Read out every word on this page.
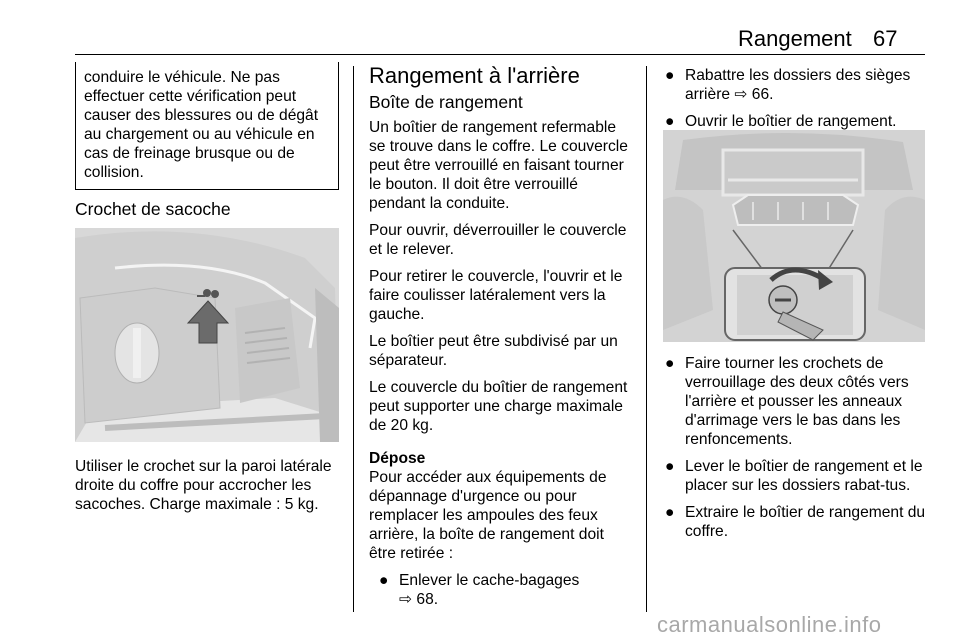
Rangement 67
conduire le véhicule. Ne pas effectuer cette vérification peut causer des blessures ou de dégât au chargement ou au véhicule en cas de freinage brusque ou de collision.
Crochet de sacoche

Utiliser le crochet sur la paroi latérale droite du coffre pour accrocher les sacoches. Charge maximale : 5 kg.

Rangement à l'arrière
Boîte de rangement

Un boîtier de rangement refermable se trouve dans le coffre. Le couvercle peut être verrouillé en faisant tourner le bouton. Il doit être verrouillé pendant la conduite.

Pour ouvrir, déverrouiller le couvercle et le relever.

Pour retirer le couvercle, l'ouvrir et le faire coulisser latéralement vers la gauche.

Le boîtier peut être subdivisé par un séparateur.

Le couvercle du boîtier de rangement peut supporter une charge maximale de 20 kg.

Dépose

Pour accéder aux équipements de dépannage d'urgence ou pour remplacer les ampoules des feux arrière, la boîte de rangement doit être retirée :

● Enlever le cache-bagages
⇨ 68.
● Rabattre les dossiers des sièges arrière ⇨ 66.
● Ouvrir le boîtier de rangement.
● Faire tourner les crochets de verrouillage des deux côtés vers l'arrière et pousser les anneaux d'arrimage vers le bas dans les renfoncements.
● Lever le boîtier de rangement et le placer sur les dossiers rabat-tus.
● Extraire le boîtier de rangement du coffre.
carmanualsonline.info
